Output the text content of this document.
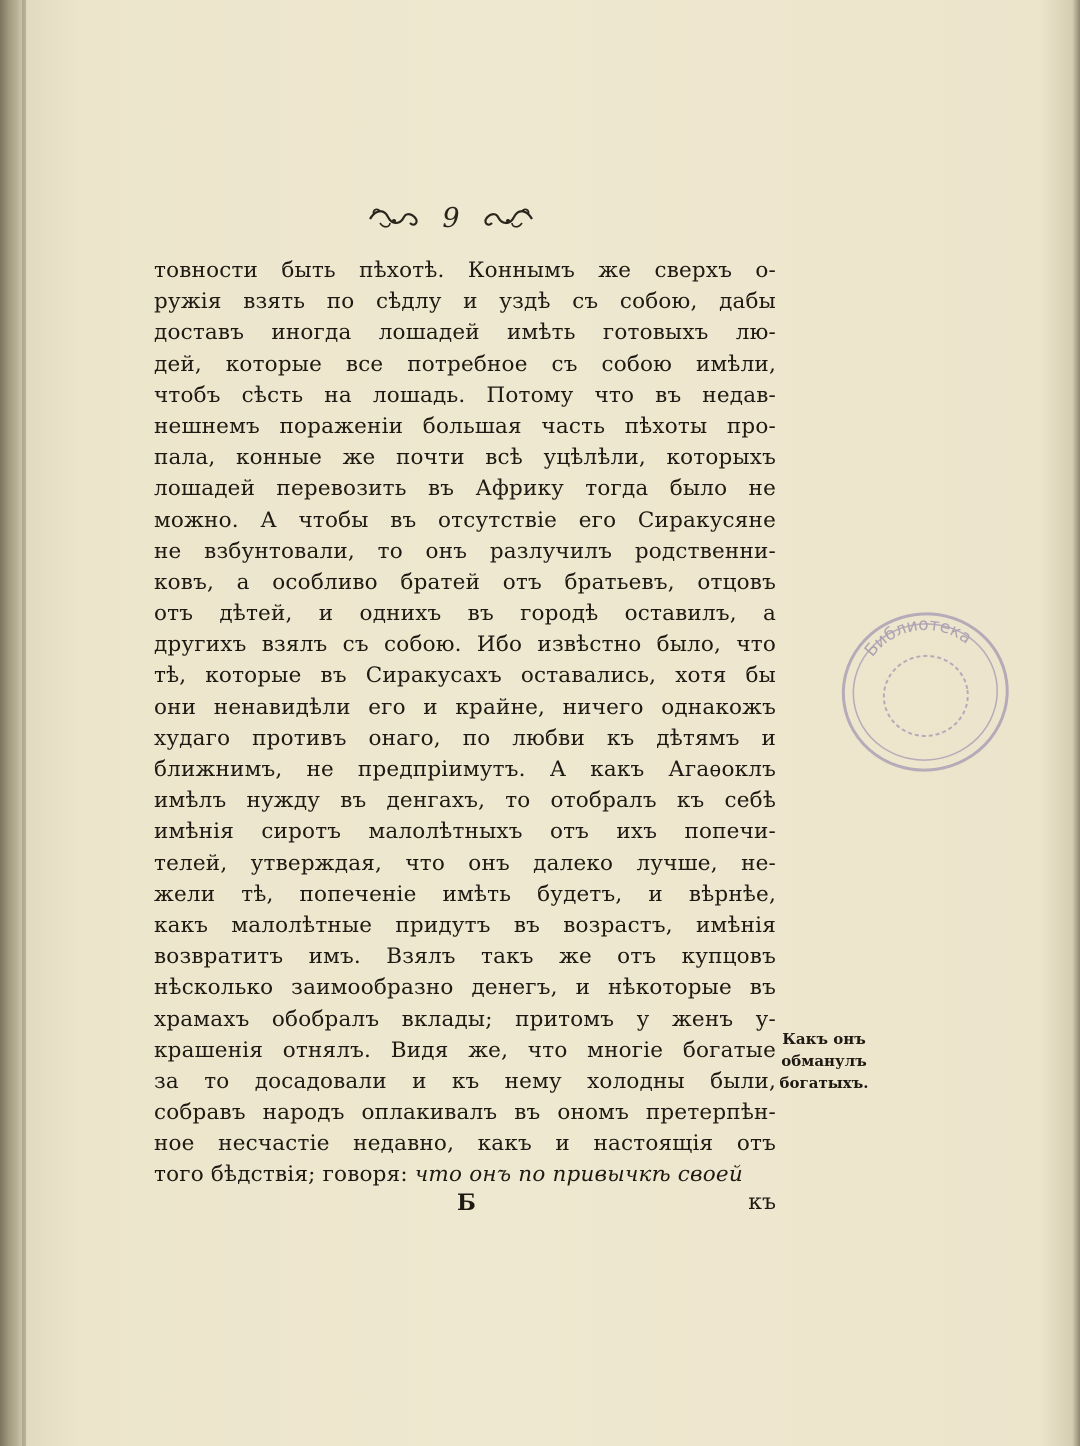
9
товности быть пѣхотѣ. Коннымъ же сверхъ о-
ружія взять по сѣдлу и уздѣ съ собою, дабы
доставъ иногда лошадей имѣть готовыхъ лю-
дей, которые все потребное съ собою имѣли,
чтобъ сѣсть на лошадь. Потому что въ недав-
нешнемъ пораженіи большая часть пѣхоты про-
пала, конные же почти всѣ уцѣлѣли, которыхъ
лошадей перевозить въ Африку тогда было не
можно. А чтобы въ отсутствіе его Сиракусяне
не взбунтовали, то онъ разлучилъ родственни-
ковъ, а особливо братей отъ братьевъ, отцовъ
отъ дѣтей, и однихъ въ городѣ оставилъ, а
другихъ взялъ съ собою. Ибо извѣстно было, что
тѣ, которые въ Сиракусахъ оставались, хотя бы
они ненавидѣли его и крайне, ничего однакожъ
худаго противъ онаго, по любви къ дѣтямъ и
ближнимъ, не предпріимутъ. А какъ Агаѳоклъ
имѣлъ нужду въ денгахъ, то отобралъ къ себѣ
имѣнія сиротъ малолѣтныхъ отъ ихъ попечи-
телей, утверждая, что онъ далеко лучше, не-
жели тѣ, попеченіе имѣть будетъ, и вѣрнѣе,
какъ малолѣтные придутъ въ возрастъ, имѣнія
возвратитъ имъ. Взялъ такъ же отъ купцовъ
нѣсколько заимообразно денегъ, и нѣкоторые въ
храмахъ обобралъ вклады; притомъ у женъ у-
крашенія отнялъ. Видя же, что многіе богатые
за то досадовали и къ нему холодны были,
собравъ народъ оплакивалъ въ ономъ претерпѣн-
ное несчастіе недавно, какъ и настоящія отъ
того бѣдствія; говоря: что онъ по привычкѣ своей
Б	къ
Какъ онъ
обманулъ
богатыхъ.
Библиотека
